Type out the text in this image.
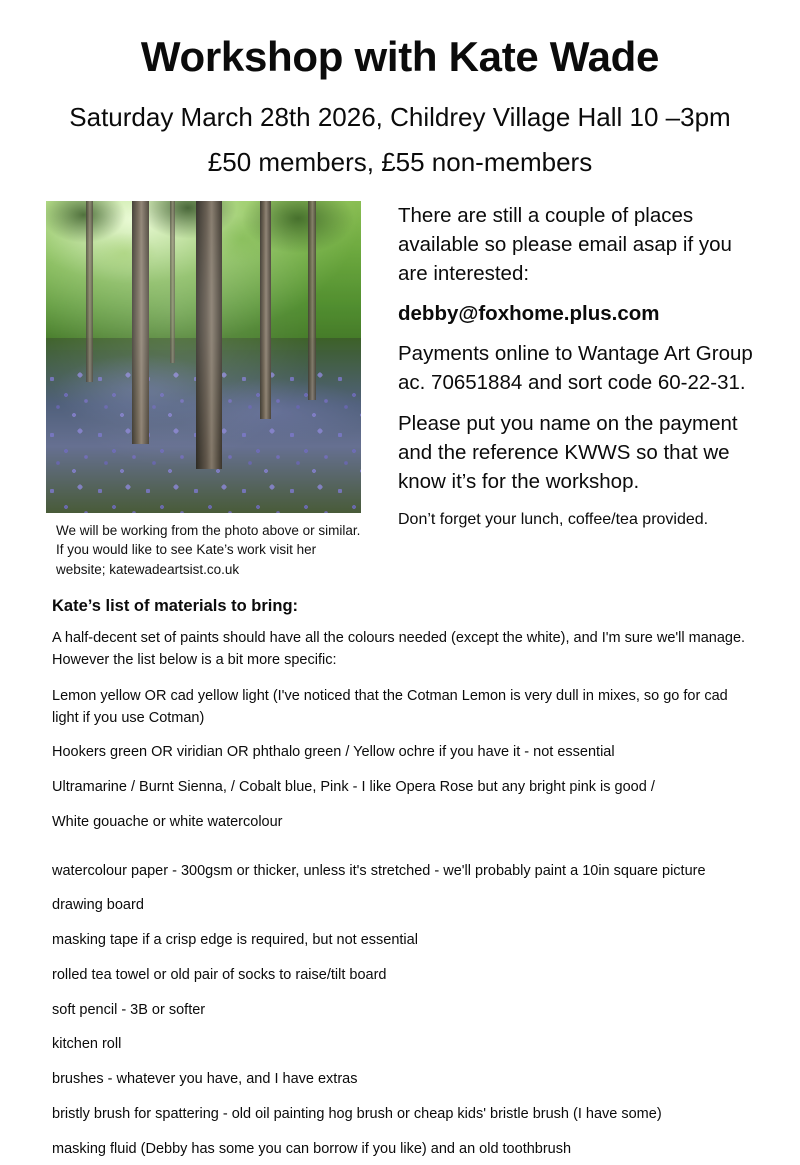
Workshop with Kate Wade
Saturday March 28th 2026, Childrey Village Hall 10 –3pm
£50 members, £55 non-members
We will be working from the photo above or similar. If you would like to see Kate’s work visit her website; katewadeartsist.co.uk

There are still a couple of places available so please email asap if you are interested:

debby@foxhome.plus.com

Payments online to Wantage Art Group ac. 70651884 and sort code 60-22-31.

Please put you name on the payment and the reference KWWS so that we know it’s for the workshop.

Don’t forget your lunch, coffee/tea provided.

Kate’s list of materials to bring:

A half-decent set of paints should have all the colours needed (except the white), and I'm sure we'll manage. However the list below is a bit more specific:

Lemon yellow OR cad yellow light (I've noticed that the Cotman Lemon is very dull in mixes, so go for cad light if you use Cotman)

Hookers green OR viridian OR phthalo green / Yellow ochre if you have it - not essential

Ultramarine / Burnt Sienna, / Cobalt blue, Pink - I like Opera Rose but any bright pink is good /

White gouache or white watercolour

watercolour paper - 300gsm or thicker, unless it's stretched - we'll probably paint a 10in square picture

drawing board

masking tape if a crisp edge is required, but not essential

rolled tea towel or old pair of socks to raise/tilt board

soft pencil - 3B or softer

kitchen roll

brushes - whatever you have, and I have extras

bristly brush for spattering - old oil painting hog brush or cheap kids' bristle brush (I have some)

masking fluid (Debby has some you can borrow if you like) and an old toothbrush
